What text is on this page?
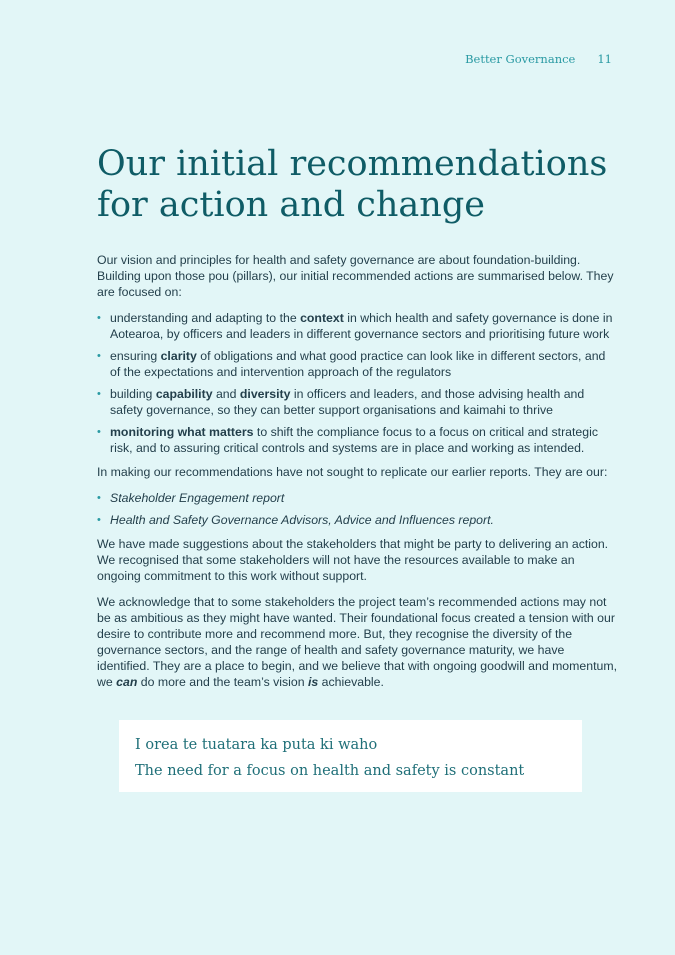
Better Governance 11
Our initial recommendations
for action and change

Our vision and principles for health and safety governance are about foundation-building. Building upon those pou (pillars), our initial recommended actions are summarised below. They are focused on:

• understanding and adapting to the context in which health and safety governance is done in Aotearoa, by officers and leaders in different governance sectors and prioritising future work
• ensuring clarity of obligations and what good practice can look like in different sectors, and of the expectations and intervention approach of the regulators
• building capability and diversity in officers and leaders, and those advising health and safety governance, so they can better support organisations and kaimahi to thrive
• monitoring what matters to shift the compliance focus to a focus on critical and strategic risk, and to assuring critical controls and systems are in place and working as intended.

In making our recommendations have not sought to replicate our earlier reports. They are our:

• Stakeholder Engagement report
• Health and Safety Governance Advisors, Advice and Influences report.

We have made suggestions about the stakeholders that might be party to delivering an action. We recognised that some stakeholders will not have the resources available to make an ongoing commitment to this work without support.

We acknowledge that to some stakeholders the project team’s recommended actions may not be as ambitious as they might have wanted. Their foundational focus created a tension with our desire to contribute more and recommend more. But, they recognise the diversity of the governance sectors, and the range of health and safety governance maturity, we have identified. They are a place to begin, and we believe that with ongoing goodwill and momentum, we can do more and the team’s vision is achievable.

I orea te tuatara ka puta ki waho
The need for a focus on health and safety is constant
